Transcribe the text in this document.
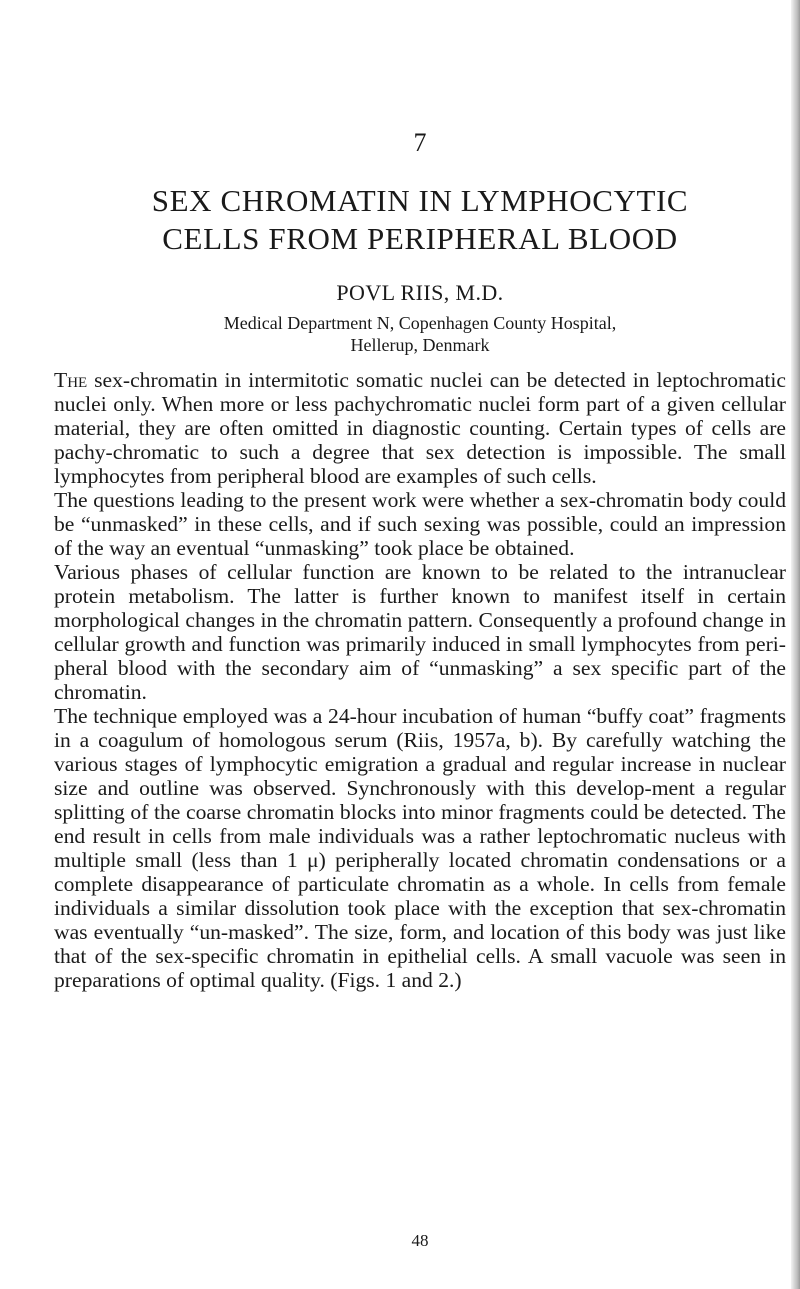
7
SEX CHROMATIN IN LYMPHOCYTIC
CELLS FROM PERIPHERAL BLOOD
POVL RIIS, M.D.
Medical Department N, Copenhagen County Hospital,
Hellerup, Denmark

The sex-chromatin in intermitotic somatic nuclei can be detected in leptochromatic nuclei only. When more or less pachychromatic nuclei form part of a given cellular material, they are often omitted in diagnostic counting. Certain types of cells are pachy-chromatic to such a degree that sex detection is impossible. The small lymphocytes from peripheral blood are examples of such cells.

The questions leading to the present work were whether a sex-chromatin body could be “unmasked” in these cells, and if such sexing was possible, could an impression of the way an eventual “unmasking” took place be obtained.

Various phases of cellular function are known to be related to the intranuclear protein metabolism. The latter is further known to manifest itself in certain morphological changes in the chromatin pattern. Consequently a profound change in cellular growth and function was primarily induced in small lymphocytes from peri-pheral blood with the secondary aim of “unmasking” a sex specific part of the chromatin.

The technique employed was a 24-hour incubation of human “buffy coat” fragments in a coagulum of homologous serum (Riis, 1957a, b). By carefully watching the various stages of lymphocytic emigration a gradual and regular increase in nuclear size and outline was observed. Synchronously with this develop-ment a regular splitting of the coarse chromatin blocks into minor fragments could be detected. The end result in cells from male individuals was a rather leptochromatic nucleus with multiple small (less than 1 μ) peripherally located chromatin condensations or a complete disappearance of particulate chromatin as a whole. In cells from female individuals a similar dissolution took place with the exception that sex-chromatin was eventually “un-masked”. The size, form, and location of this body was just like that of the sex-specific chromatin in epithelial cells. A small vacuole was seen in preparations of optimal quality. (Figs. 1 and 2.)

48
